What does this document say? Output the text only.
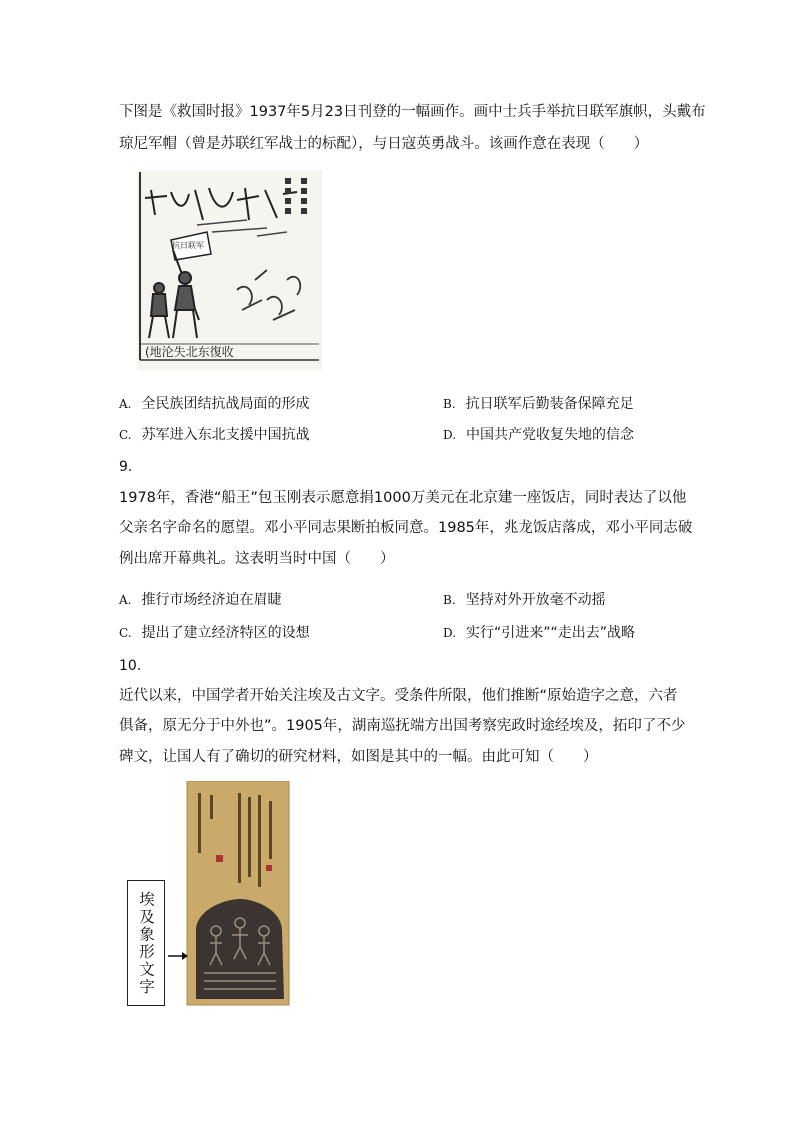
下图是《救国时报》1937年5月23日刊登的一幅画作。画中士兵手举抗日联军旗帜，头戴布
琼尼军帽（曾是苏联红军战士的标配），与日寇英勇战斗。该画作意在表现（　　）
(地沦失北东復收
A. 全民族团结抗战局面的形成	B. 抗日联军后勤装备保障充足
C. 苏军进入东北支援中国抗战	D. 中国共产党收复失地的信念
9.
1978年，香港“船王”包玉刚表示愿意捐1000万美元在北京建一座饭店，同时表达了以他
父亲名字命名的愿望。邓小平同志果断拍板同意。1985年，兆龙饭店落成，邓小平同志破
例出席开幕典礼。这表明当时中国（　　）
A. 推行市场经济迫在眉睫	B. 坚持对外开放毫不动摇
C. 提出了建立经济特区的设想	D. 实行“引进来”“走出去”战略
10.
近代以来，中国学者开始关注埃及古文字。受条件所限，他们推断“原始造字之意，六者
俱备，原无分于中外也”。1905年，湖南巡抚端方出国考察宪政时途经埃及，拓印了不少
碑文，让国人有了确切的研究材料，如图是其中的一幅。由此可知（　　）
埃及象形文字
抗日联军
